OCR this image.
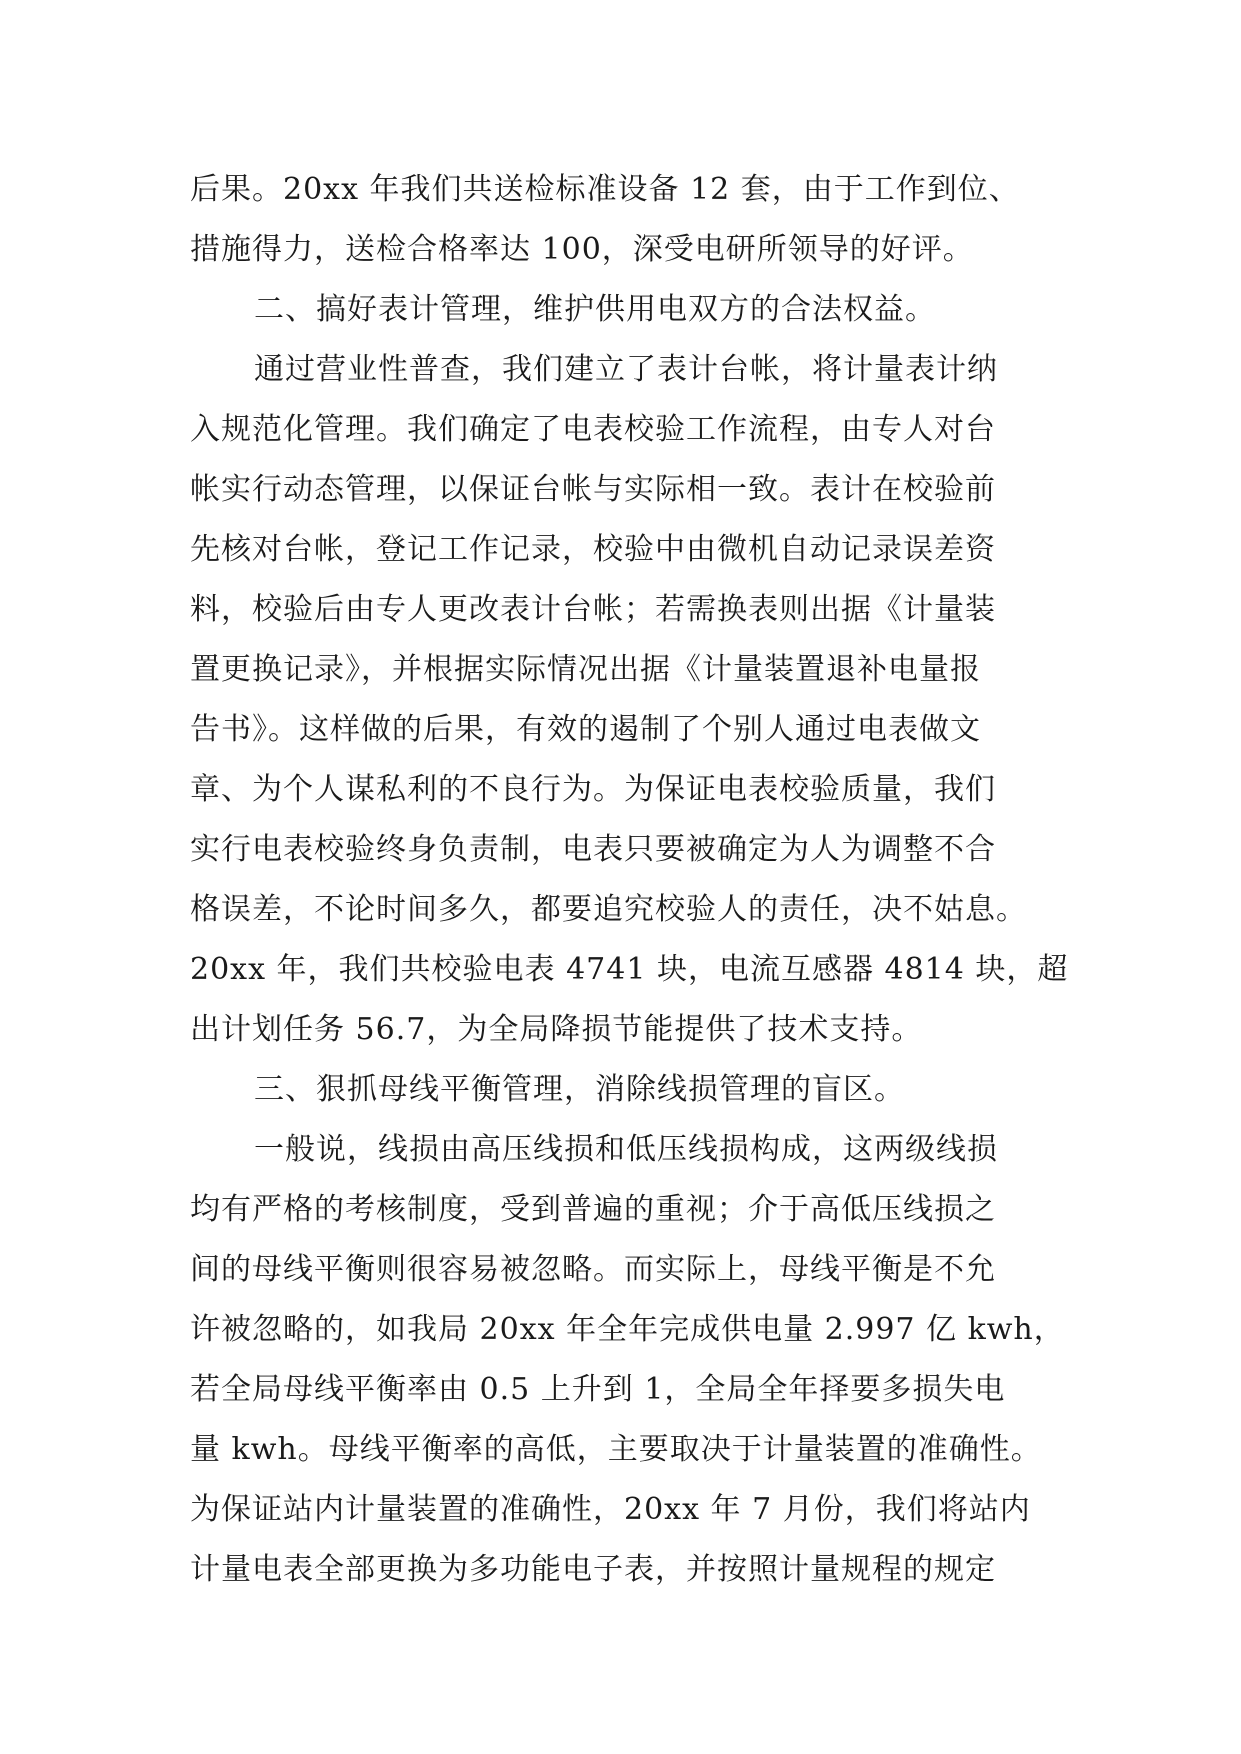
后果。20xx 年我们共送检标准设备 12 套，由于工作到位、
措施得力，送检合格率达 100，深受电研所领导的好评。
二、搞好表计管理，维护供用电双方的合法权益。
通过营业性普查，我们建立了表计台帐，将计量表计纳
入规范化管理。我们确定了电表校验工作流程，由专人对台
帐实行动态管理，以保证台帐与实际相一致。表计在校验前
先核对台帐，登记工作记录，校验中由微机自动记录误差资
料，校验后由专人更改表计台帐；若需换表则出据《计量装
置更换记录》，并根据实际情况出据《计量装置退补电量报
告书》。这样做的后果，有效的遏制了个别人通过电表做文
章、为个人谋私利的不良行为。为保证电表校验质量，我们
实行电表校验终身负责制，电表只要被确定为人为调整不合
格误差，不论时间多久，都要追究校验人的责任，决不姑息。
20xx 年，我们共校验电表 4741 块，电流互感器 4814 块，超
出计划任务 56.7，为全局降损节能提供了技术支持。
三、狠抓母线平衡管理，消除线损管理的盲区。
一般说，线损由高压线损和低压线损构成，这两级线损
均有严格的考核制度，受到普遍的重视；介于高低压线损之
间的母线平衡则很容易被忽略。而实际上，母线平衡是不允
许被忽略的，如我局 20xx 年全年完成供电量 2.997 亿 kwh，
若全局母线平衡率由 0.5 上升到 1，全局全年择要多损失电
量 kwh。母线平衡率的高低，主要取决于计量装置的准确性。
为保证站内计量装置的准确性，20xx 年 7 月份，我们将站内
计量电表全部更换为多功能电子表，并按照计量规程的规定
